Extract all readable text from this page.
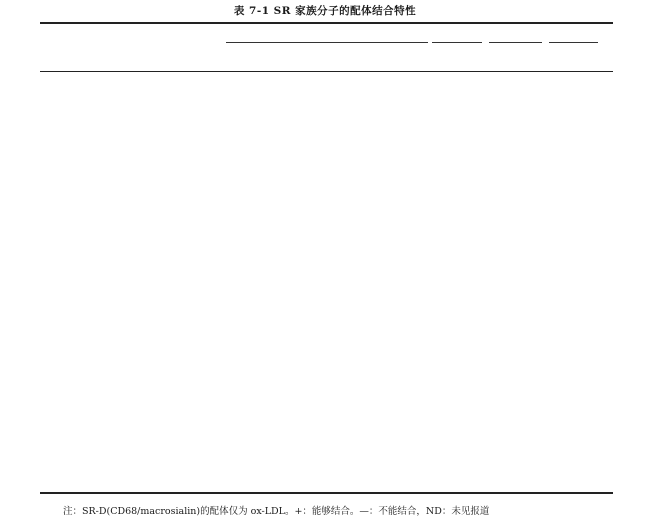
表 7-1 SR 家族分子的配体结合特性
注：SR-D(CD68/macrosialin)的配体仅为 ox-LDL。+：能够结合。—：不能结合，ND：未见报道
